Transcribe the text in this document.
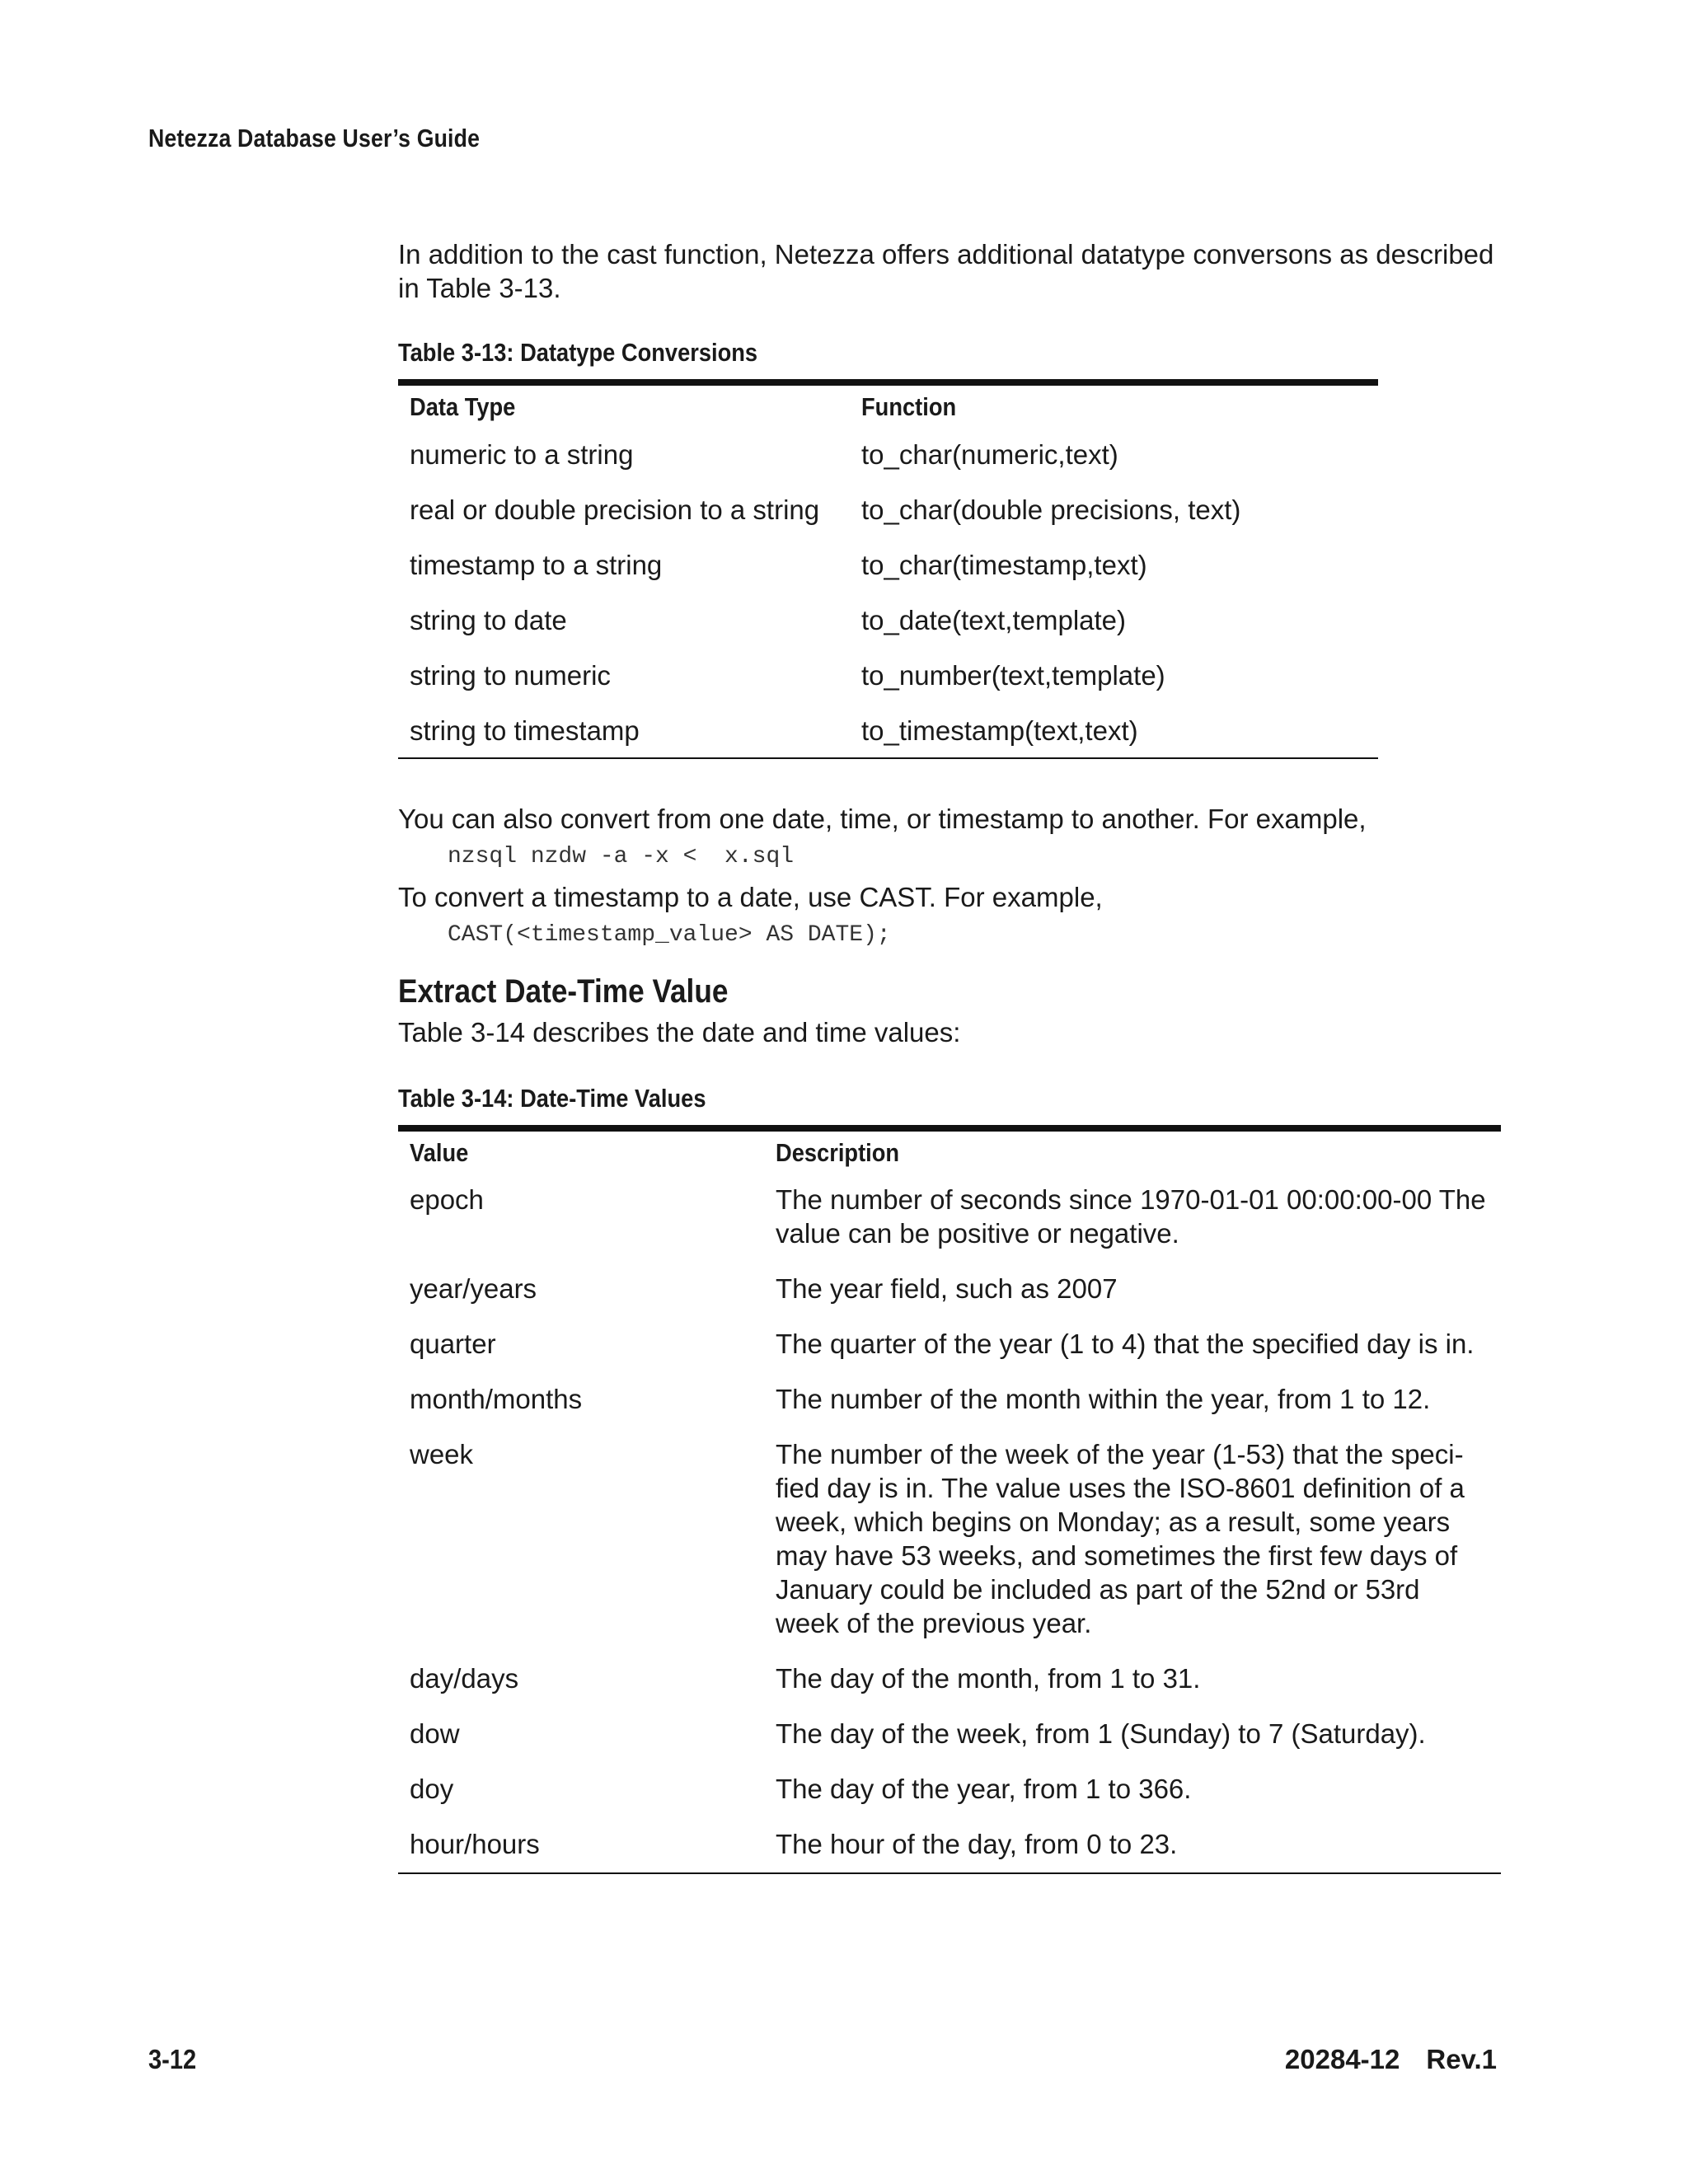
Netezza Database User’s Guide

In addition to the cast function, Netezza offers additional datatype conversons as described in Table 3-13.

Table 3-13: Datatype Conversions
Data Type	Function
numeric to a string	to_char(numeric,text)
real or double precision to a string	to_char(double precisions, text)
timestamp to a string	to_char(timestamp,text)
string to date	to_date(text,template)
string to numeric	to_number(text,template)
string to timestamp	to_timestamp(text,text)

You can also convert from one date, time, or timestamp to another. For example,

nzsql nzdw -a -x <  x.sql

To convert a timestamp to a date, use CAST. For example,

CAST(<timestamp_value> AS DATE);
Extract Date-Time Value

Table 3-14 describes the date and time values:

Table 3-14: Date-Time Values
Value	Description
epoch	The number of seconds since 1970-01-01 00:00:00-00 The value can be positive or negative.
year/years	The year field, such as 2007
quarter	The quarter of the year (1 to 4) that the specified day is in.
month/months	The number of the month within the year, from 1 to 12.
week	The number of the week of the year (1-53) that the speci-fied day is in. The value uses the ISO-8601 definition of a week, which begins on Monday; as a result, some years may have 53 weeks, and sometimes the first few days of January could be included as part of the 52nd or 53rd week of the previous year.
day/days	The day of the month, from 1 to 31.
dow	The day of the week, from 1 (Sunday) to 7 (Saturday).
doy	The day of the year, from 1 to 366.
hour/hours	The hour of the day, from 0 to 23.
3-12	20284-12 Rev.1
